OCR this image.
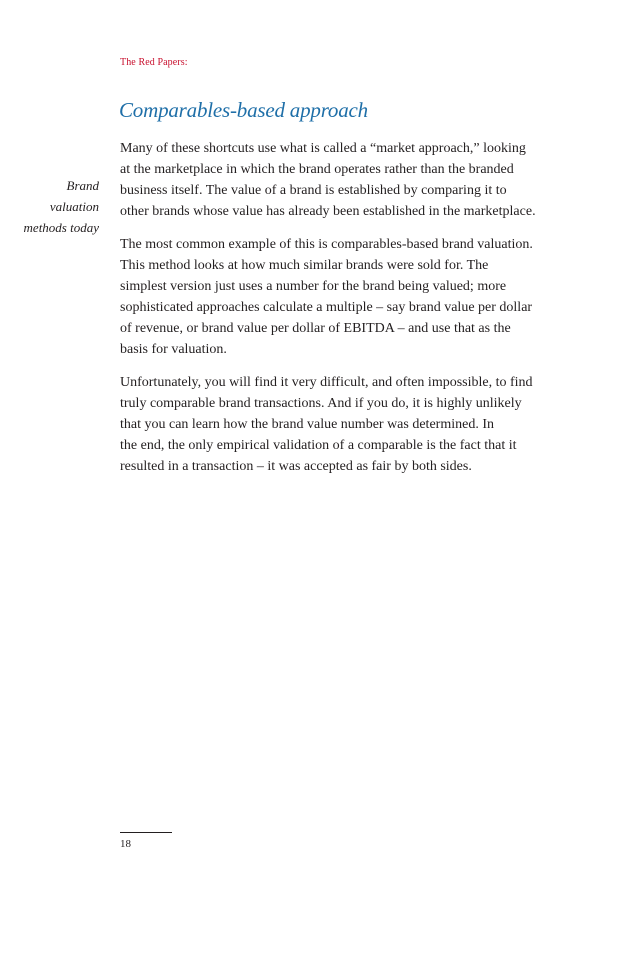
The Red Papers:
Comparables-based approach
Brand
valuation
methods today

Many of these shortcuts use what is called a “market approach,” looking
at the marketplace in which the brand operates rather than the branded
business itself. The value of a brand is established by comparing it to
other brands whose value has already been established in the marketplace.

The most common example of this is comparables-based brand valuation.
This method looks at how much similar brands were sold for. The
simplest version just uses a number for the brand being valued; more
sophisticated approaches calculate a multiple – say brand value per dollar
of revenue, or brand value per dollar of EBITDA – and use that as the
basis for valuation.

Unfortunately, you will find it very difficult, and often impossible, to find
truly comparable brand transactions. And if you do, it is highly unlikely
that you can learn how the brand value number was determined. In
the end, the only empirical validation of a comparable is the fact that it
resulted in a transaction – it was accepted as fair by both sides.

18
